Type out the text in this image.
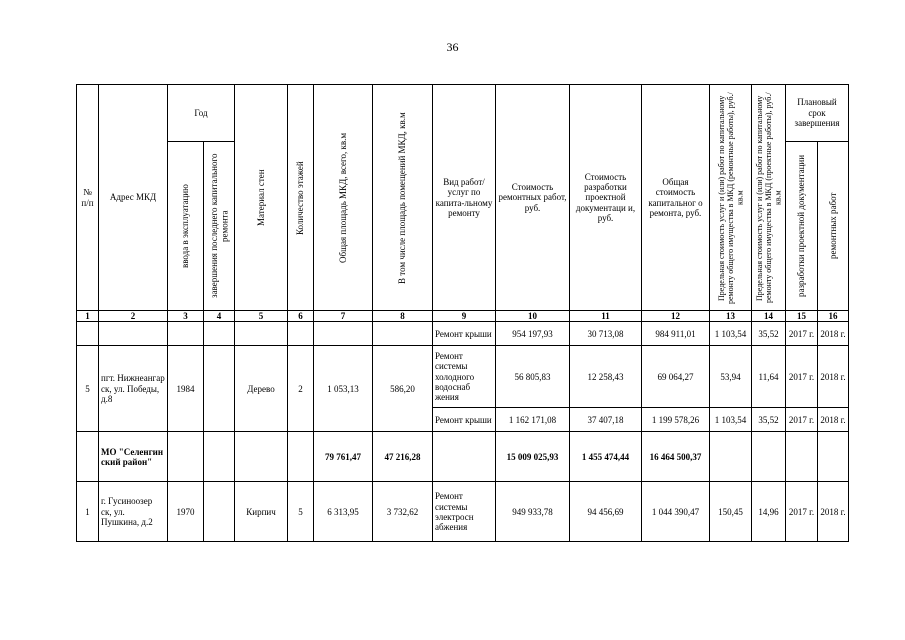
36
№ п/п	Адрес МКД	Год		Материал стен	Количество этажей	Общая площадь МКД, всего, кв.м	В том числе площадь помещений МКД, кв.м	Вид работ/ услуг по капита-льному ремонту	Стоимость ремонтных работ, руб.	Стоимость разработки проектной документаци и, руб.	Общая стоимость капитальног о ремонта, руб.	Предельная стоимость услуг и (или) работ по капитальному ремонту общего имущества в МКД (ремонтные работы), руб./кв.м	Предельная стоимость услуг и (или) работ по капитальному ремонту общего имущества в МКД (проектные работы), руб./кв.м	Плановый срок завершения	

		ввода в эксплуатацию	завершения последнего капитального ремонта											разработки проектной документации	ремонтных работ

1	2	3	4	5	6	7	8	9	10	11	12	13	14	15	16
								Ремонт крыши	954 197,93	30 713,08	984 911,01	1 103,54	35,52	2017 г.	2018 г.
5	пгт. Нижнеангар ск, ул. Победы, д.8	1984		Дерево	2	1 053,13	586,20	Ремонт системы холодного водоснаб жения	56 805,83	12 258,43	69 064,27	53,94	11,64	2017 г.	2018 г.
								Ремонт крыши	1 162 171,08	37 407,18	1 199 578,26	1 103,54	35,52	2017 г.	2018 г.
	МО "Селенгин ский район"					79 761,47	47 216,28		15 009 025,93	1 455 474,44	16 464 500,37				
1	г. Гусиноозер ск, ул. Пушкина, д.2	1970		Кирпич	5	6 313,95	3 732,62	Ремонт системы электросн абжения	949 933,78	94 456,69	1 044 390,47	150,45	14,96	2017 г.	2018 г.
